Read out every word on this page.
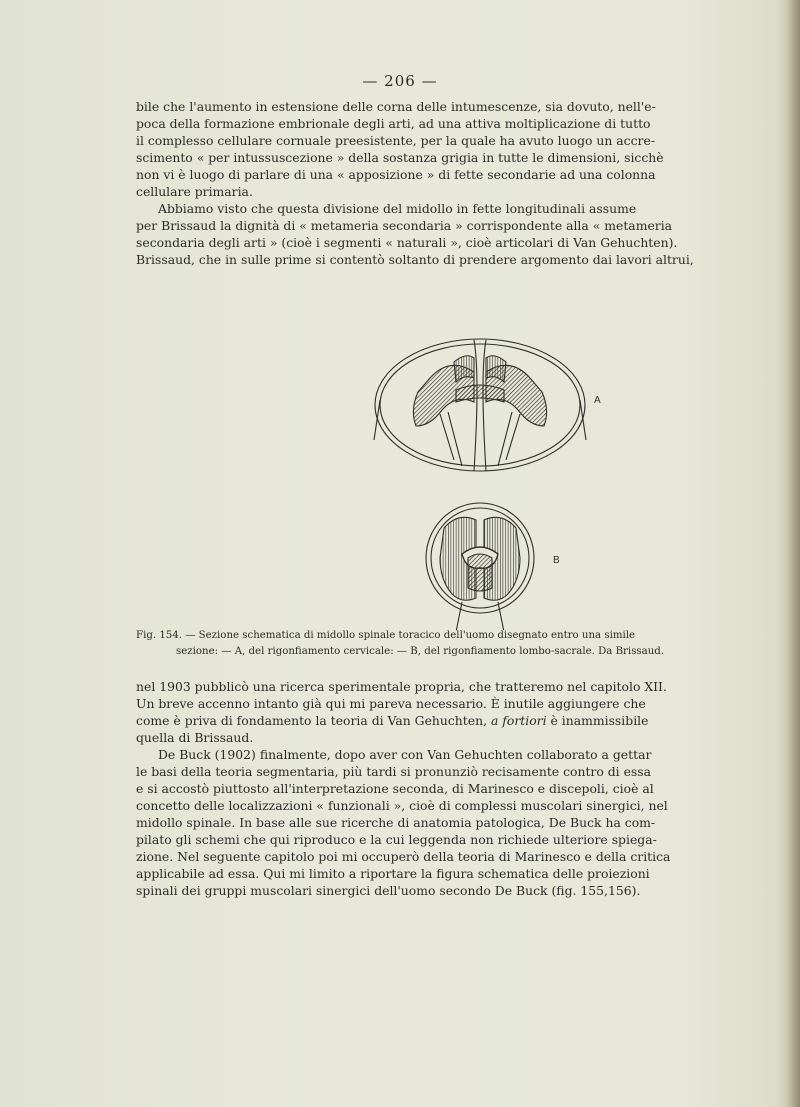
— 206 —
bile che l'aumento in estensione delle corna delle intumescenze, sia dovuto, nell'e-
poca della formazione embrionale degli arti, ad una attiva moltiplicazione di tutto
il complesso cellulare cornuale preesistente, per la quale ha avuto luogo un accre-
scimento « per intussuscezione » della sostanza grigia in tutte le dimensioni, sicchè
non vi è luogo di parlare di una « apposizione » di fette secondarie ad una colonna
cellulare primaria.
Abbiamo visto che questa divisione del midollo in fette longitudinali assume
per Brissaud la dignità di « metameria secondaria » corrispondente alla « metameria
secondaria degli arti » (cioè i segmenti « naturali », cioè articolari di Van Gehuchten).
Brissaud, che in sulle prime si contentò soltanto di prendere argomento dai lavori altrui,
A
B
Fig. 154. — Sezione schematica di midollo spinale toracico dell'uomo disegnato entro una simile
sezione: — A, del rigonfiamento cervicale: — B, del rigonfiamento lombo-sacrale. Da Brissaud.
nel 1903 pubblicò una ricerca sperimentale propria, che tratteremo nel capitolo XII.
Un breve accenno intanto già qui mi pareva necessario. È inutile aggiungere che
come è priva di fondamento la teoria di Van Gehuchten, a fortiori è inammissibile
quella di Brissaud.
De Buck (1902) finalmente, dopo aver con Van Gehuchten collaborato a gettar
le basi della teoria segmentaria, più tardi si pronunziò recisamente contro di essa
e si accostò piuttosto all'interpretazione seconda, di Marinesco e discepoli, cioè al
concetto delle localizzazioni « funzionali », cioè di complessi muscolari sinergici, nel
midollo spinale. In base alle sue ricerche di anatomia patologica, De Buck ha com-
pilato gli schemi che qui riproduco e la cui leggenda non richiede ulteriore spiega-
zione. Nel seguente capitolo poi mi occuperò della teoria di Marinesco e della critica
applicabile ad essa. Qui mi limito a riportare la figura schematica delle proiezioni
spinali dei gruppi muscolari sinergici dell'uomo secondo De Buck (fig. 155,156).
